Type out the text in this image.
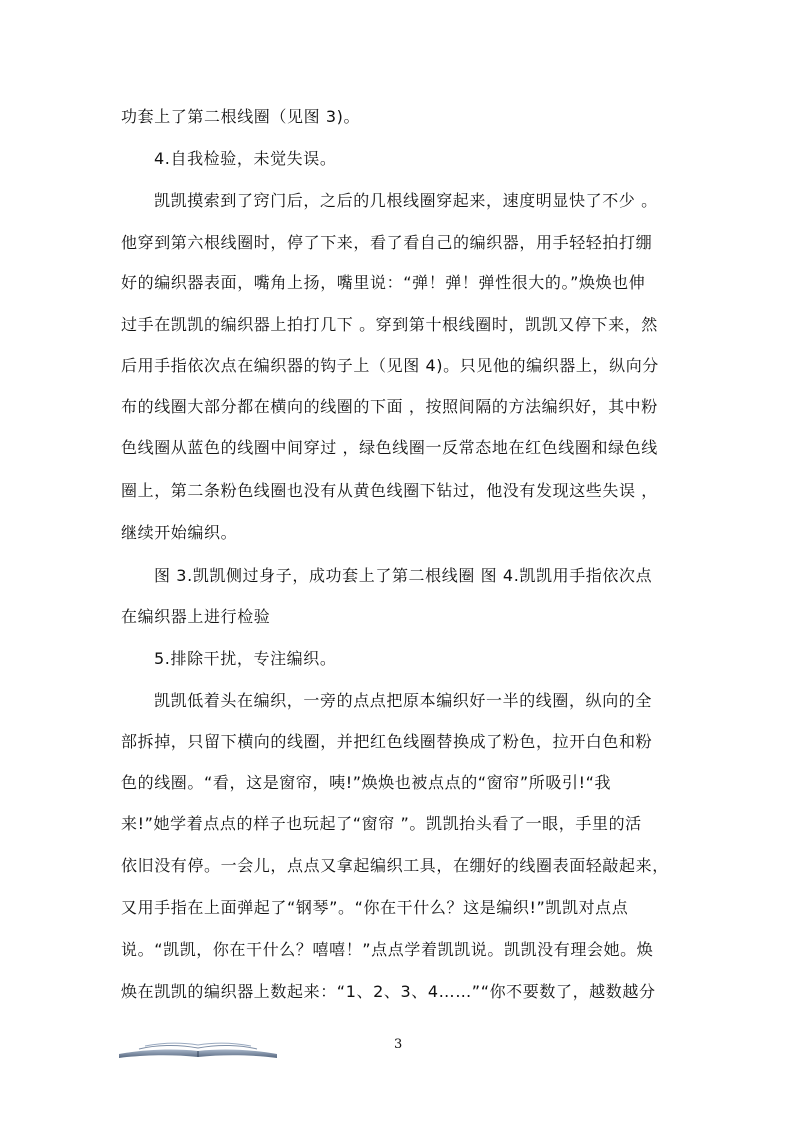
功套上了第二根线圈（见图 3)。
4.自我检验，未觉失误。
凯凯摸索到了窍门后，之后的几根线圈穿起来，速度明显快了不少 。
他穿到第六根线圈时，停了下来，看了看自己的编织器，用手轻轻拍打绷
好的编织器表面，嘴角上扬，嘴里说：“弹！弹！弹性很大的。”焕焕也伸
过手在凯凯的编织器上拍打几下 。穿到第十根线圈时，凯凯又停下来，然
后用手指依次点在编织器的钩子上（见图 4)。只见他的编织器上，纵向分
布的线圈大部分都在横向的线圈的下面 ，按照间隔的方法编织好，其中粉
色线圈从蓝色的线圈中间穿过 ，绿色线圈一反常态地在红色线圈和绿色线
圈上，第二条粉色线圈也没有从黄色线圈下钻过，他没有发现这些失误 ，
继续开始编织。
图 3.凯凯侧过身子，成功套上了第二根线圈 图 4.凯凯用手指依次点
在编织器上进行检验
5.排除干扰，专注编织。
凯凯低着头在编织，一旁的点点把原本编织好一半的线圈，纵向的全
部拆掉，只留下横向的线圈，并把红色线圈替换成了粉色，拉开白色和粉
色的线圈。“看，这是窗帘，咦!”焕焕也被点点的“窗帘”所吸引!“我
来!”她学着点点的样子也玩起了“窗帘 ”。凯凯抬头看了一眼，手里的活
依旧没有停。一会儿，点点又拿起编织工具，在绷好的线圈表面轻敲起来，
又用手指在上面弹起了“钢琴”。“你在干什么？这是编织!”凯凯对点点
说。“凯凯，你在干什么？嘻嘻！”点点学着凯凯说。凯凯没有理会她。焕
焕在凯凯的编织器上数起来：“1、2、3、4……”“你不要数了，越数越分
3
